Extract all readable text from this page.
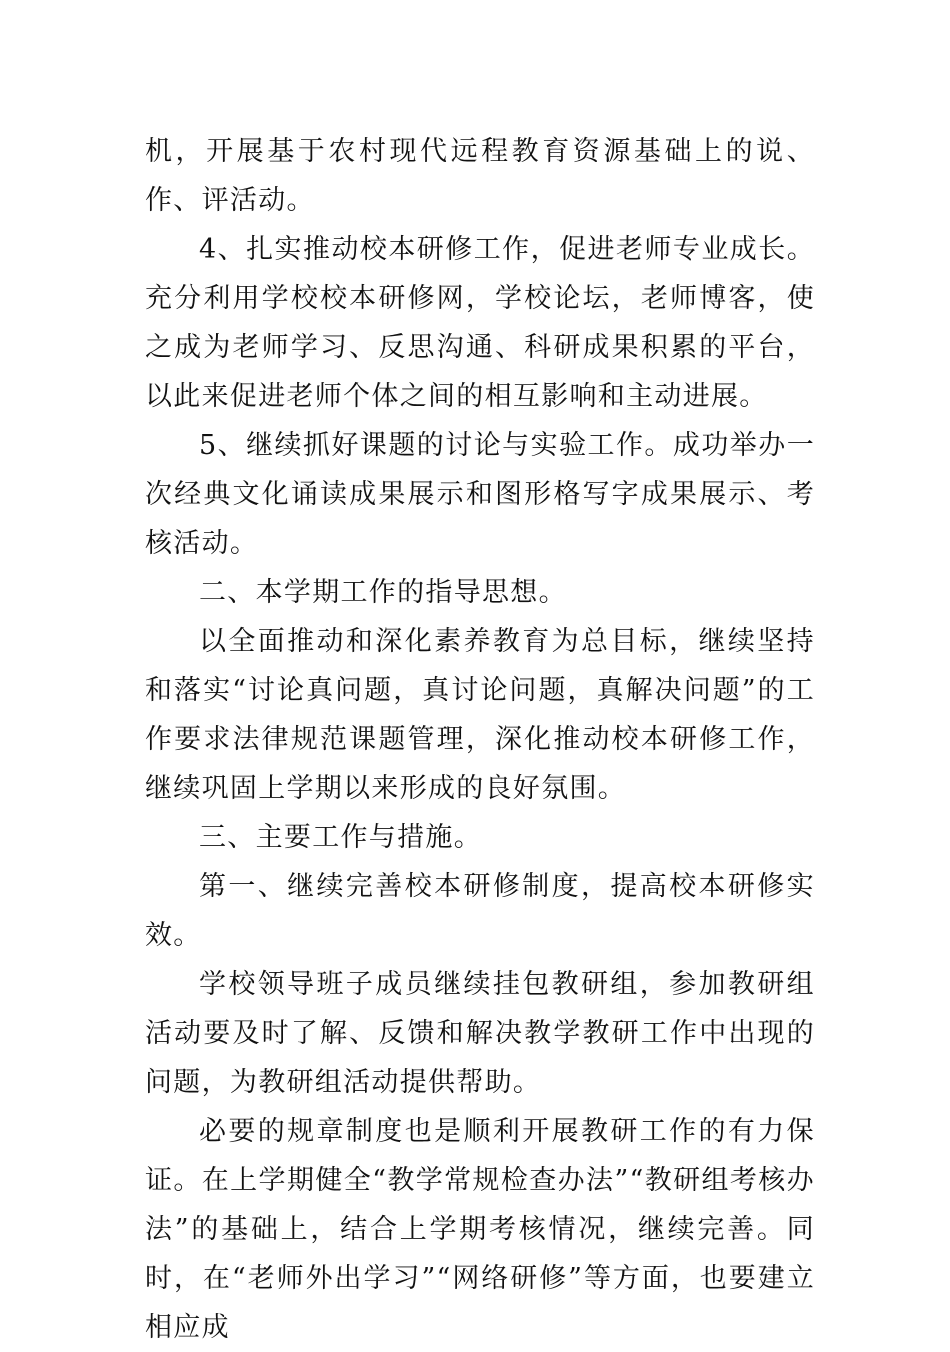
机，开展基于农村现代远程教育资源基础上的说、作、评活动。

4、扎实推动校本研修工作，促进老师专业成长。充分利用学校校本研修网，学校论坛，老师博客，使之成为老师学习、反思沟通、科研成果积累的平台，以此来促进老师个体之间的相互影响和主动进展。

5、继续抓好课题的讨论与实验工作。成功举办一次经典文化诵读成果展示和图形格写字成果展示、考核活动。

二、本学期工作的指导思想。

以全面推动和深化素养教育为总目标，继续坚持和落实“讨论真问题，真讨论问题，真解决问题”的工作要求法律规范课题管理，深化推动校本研修工作，继续巩固上学期以来形成的良好氛围。

三、主要工作与措施。

第一、继续完善校本研修制度，提高校本研修实效。

学校领导班子成员继续挂包教研组，参加教研组活动要及时了解、反馈和解决教学教研工作中出现的问题，为教研组活动提供帮助。

必要的规章制度也是顺利开展教研工作的有力保证。在上学期健全“教学常规检查办法”“教研组考核办法”的基础上，结合上学期考核情况，继续完善。同时，在“老师外出学习”“网络研修”等方面，也要建立相应成
